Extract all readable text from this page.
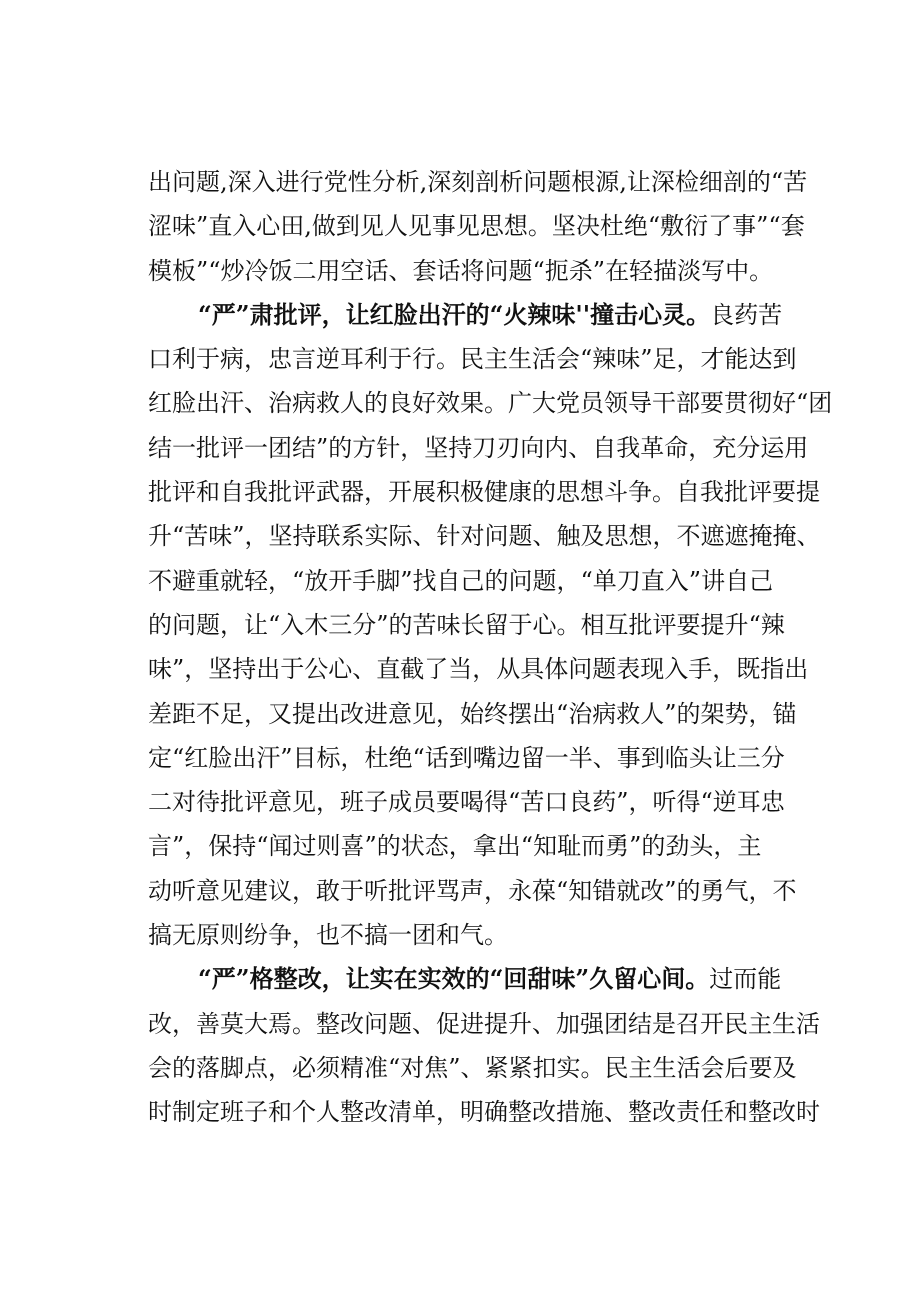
出问题,深入进行党性分析,深刻剖析问题根源,让深检细剖的“苦
涩味”直入心田,做到见人见事见思想。坚决杜绝“敷衍了事”“套
模板”“炒冷饭二用空话、套话将问题“扼杀”在轻描淡写中。
“严”肃批评，让红脸出汗的“火辣味''撞击心灵。良药苦
口利于病，忠言逆耳利于行。民主生活会“辣味”足，才能达到
红脸出汗、治病救人的良好效果。广大党员领导干部要贯彻好“团
结一批评一团结”的方针，坚持刀刃向内、自我革命，充分运用
批评和自我批评武器，开展积极健康的思想斗争。自我批评要提
升“苦味”，坚持联系实际、针对问题、触及思想，不遮遮掩掩、
不避重就轻，“放开手脚”找自己的问题，“单刀直入”讲自己
的问题，让“入木三分”的苦味长留于心。相互批评要提升“辣
味”，坚持出于公心、直截了当，从具体问题表现入手，既指出
差距不足，又提出改进意见，始终摆出“治病救人”的架势，锚
定“红脸出汗”目标，杜绝“话到嘴边留一半、事到临头让三分
二对待批评意见，班子成员要喝得“苦口良药”，听得“逆耳忠
言”，保持“闻过则喜”的状态，拿出“知耻而勇”的劲头，主
动听意见建议，敢于听批评骂声，永葆“知错就改”的勇气，不
搞无原则纷争，也不搞一团和气。
“严”格整改，让实在实效的“回甜味”久留心间。过而能
改，善莫大焉。整改问题、促进提升、加强团结是召开民主生活
会的落脚点，必须精准“对焦”、紧紧扣实。民主生活会后要及
时制定班子和个人整改清单，明确整改措施、整改责任和整改时
